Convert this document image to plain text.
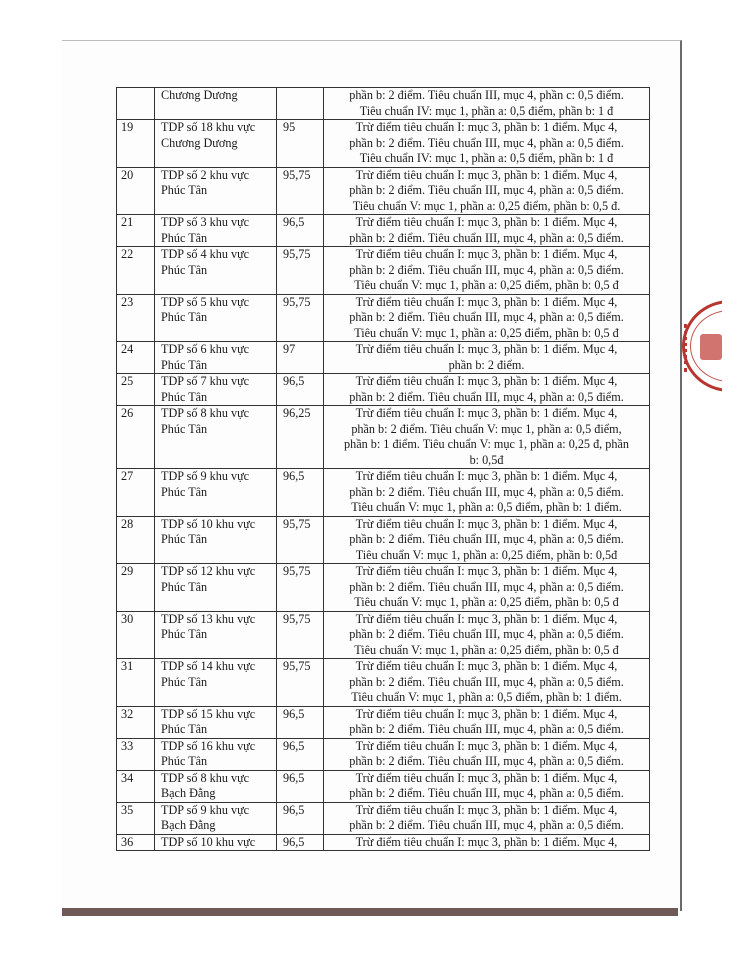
	Chương Dương		phần b: 2 điểm. Tiêu chuẩn III, mục 4, phần c: 0,5 điểm.
Tiêu chuẩn IV: mục 1, phần a: 0,5 điểm, phần b: 1 đ

19	TDP số 18 khu vực
Chương Dương	95	Trừ điểm tiêu chuẩn I: mục 3, phần b: 1 điểm. Mục 4,
phần b: 2 điểm. Tiêu chuẩn III, mục 4, phần a: 0,5 điểm.
Tiêu chuẩn IV: mục 1, phần a: 0,5 điểm, phần b: 1 đ

20	TDP số 2 khu vực
Phúc Tân	95,75	Trừ điểm tiêu chuẩn I: mục 3, phần b: 1 điểm. Mục 4,
phần b: 2 điểm. Tiêu chuẩn III, mục 4, phần a: 0,5 điểm.
Tiêu chuẩn V: mục 1, phần a: 0,25 điểm, phần b: 0,5 đ.

21	TDP số 3 khu vực
Phúc Tân	96,5	Trừ điểm tiêu chuẩn I: mục 3, phần b: 1 điểm. Mục 4,
phần b: 2 điểm. Tiêu chuẩn III, mục 4, phần a: 0,5 điểm.

22	TDP số 4 khu vực
Phúc Tân	95,75	Trừ điểm tiêu chuẩn I: mục 3, phần b: 1 điểm. Mục 4,
phần b: 2 điểm. Tiêu chuẩn III, mục 4, phần a: 0,5 điểm.
Tiêu chuẩn V: mục 1, phần a: 0,25 điểm, phần b: 0,5 đ

23	TDP số 5 khu vực
Phúc Tân	95,75	Trừ điểm tiêu chuẩn I: mục 3, phần b: 1 điểm. Mục 4,
phần b: 2 điểm. Tiêu chuẩn III, mục 4, phần a: 0,5 điểm.
Tiêu chuẩn V: mục 1, phần a: 0,25 điểm, phần b: 0,5 đ

24	TDP số 6 khu vực
Phúc Tân	97	Trừ điểm tiêu chuẩn I: mục 3, phần b: 1 điểm. Mục 4,
phần b: 2 điểm.

25	TDP số 7 khu vực
Phúc Tân	96,5	Trừ điểm tiêu chuẩn I: mục 3, phần b: 1 điểm. Mục 4,
phần b: 2 điểm. Tiêu chuẩn III, mục 4, phần a: 0,5 điểm.

26	TDP số 8 khu vực
Phúc Tân	96,25	Trừ điểm tiêu chuẩn I: mục 3, phần b: 1 điểm. Mục 4,
phần b: 2 điểm. Tiêu chuẩn V: mục 1, phần a: 0,5 điểm,
phần b: 1 điểm. Tiêu chuẩn V: mục 1, phần a: 0,25 đ, phần
b: 0,5đ

27	TDP số 9 khu vực
Phúc Tân	96,5	Trừ điểm tiêu chuẩn I: mục 3, phần b: 1 điểm. Mục 4,
phần b: 2 điểm. Tiêu chuẩn III, mục 4, phần a: 0,5 điểm.
Tiêu chuẩn V: mục 1, phần a: 0,5 điểm, phần b: 1 điểm.

28	TDP số 10 khu vực
Phúc Tân	95,75	Trừ điểm tiêu chuẩn I: mục 3, phần b: 1 điểm. Mục 4,
phần b: 2 điểm. Tiêu chuẩn III, mục 4, phần a: 0,5 điểm.
Tiêu chuẩn V: mục 1, phần a: 0,25 điểm, phần b: 0,5đ

29	TDP số 12 khu vực
Phúc Tân	95,75	Trừ điểm tiêu chuẩn I: mục 3, phần b: 1 điểm. Mục 4,
phần b: 2 điểm. Tiêu chuẩn III, mục 4, phần a: 0,5 điểm.
Tiêu chuẩn V: mục 1, phần a: 0,25 điểm, phần b: 0,5 đ

30	TDP số 13 khu vực
Phúc Tân	95,75	Trừ điểm tiêu chuẩn I: mục 3, phần b: 1 điểm. Mục 4,
phần b: 2 điểm. Tiêu chuẩn III, mục 4, phần a: 0,5 điểm.
Tiêu chuẩn V: mục 1, phần a: 0,25 điểm, phần b: 0,5 đ

31	TDP số 14 khu vực
Phúc Tân	95,75	Trừ điểm tiêu chuẩn I: mục 3, phần b: 1 điểm. Mục 4,
phần b: 2 điểm. Tiêu chuẩn III, mục 4, phần a: 0,5 điểm.
Tiêu chuẩn V: mục 1, phần a: 0,5 điểm, phần b: 1 điểm.

32	TDP số 15 khu vực
Phúc Tân	96,5	Trừ điểm tiêu chuẩn I: mục 3, phần b: 1 điểm. Mục 4,
phần b: 2 điểm. Tiêu chuẩn III, mục 4, phần a: 0,5 điểm.

33	TDP số 16 khu vực
Phúc Tân	96,5	Trừ điểm tiêu chuẩn I: mục 3, phần b: 1 điểm. Mục 4,
phần b: 2 điểm. Tiêu chuẩn III, mục 4, phần a: 0,5 điểm.

34	TDP số 8 khu vực
Bạch Đằng	96,5	Trừ điểm tiêu chuẩn I: mục 3, phần b: 1 điểm. Mục 4,
phần b: 2 điểm. Tiêu chuẩn III, mục 4, phần a: 0,5 điểm.

35	TDP số 9 khu vực
Bạch Đằng	96,5	Trừ điểm tiêu chuẩn I: mục 3, phần b: 1 điểm. Mục 4,
phần b: 2 điểm. Tiêu chuẩn III, mục 4, phần a: 0,5 điểm.

36	TDP số 10 khu vực	96,5	Trừ điểm tiêu chuẩn I: mục 3, phần b: 1 điểm. Mục 4,
